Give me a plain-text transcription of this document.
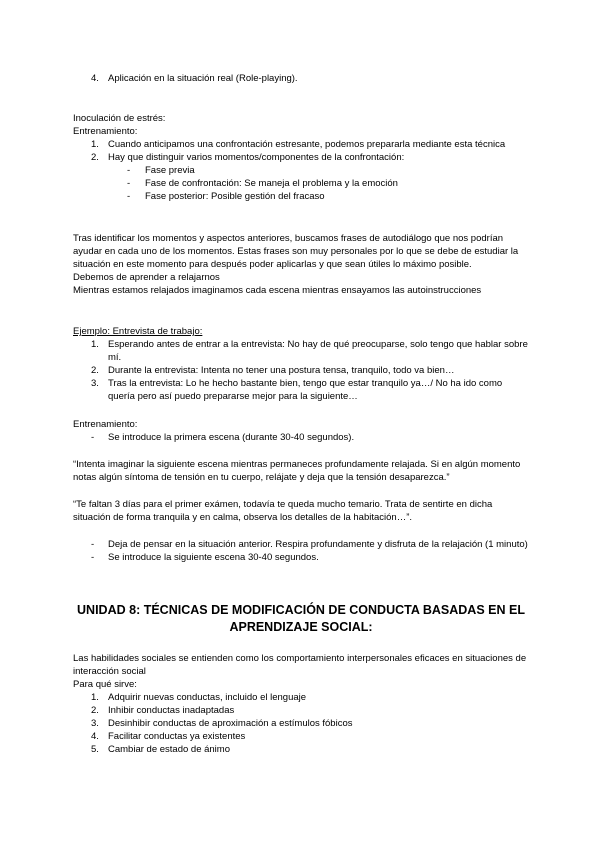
4. Aplicación en la situación real (Role-playing).

Inoculación de estrés:

Entrenamiento:

1. Cuando anticipamos una confrontación estresante, podemos prepararla mediante esta técnica
2. Hay que distinguir varios momentos/componentes de la confrontación:
- Fase previa
- Fase de confrontación: Se maneja el problema y la emoción
- Fase posterior: Posible gestión del fracaso

Tras identificar los momentos y aspectos anteriores, buscamos frases de autodiálogo que nos podrían ayudar en cada uno de los momentos. Estas frases son muy personales por lo que se debe de estudiar la situación en este momento para después poder aplicarlas y que sean útiles lo máximo posible.

Debemos de aprender a relajarnos

Mientras estamos relajados imaginamos cada escena mientras ensayamos las autoinstrucciones

Ejemplo: Entrevista de trabajo:

1. Esperando antes de entrar a la entrevista: No hay de qué preocuparse, solo tengo que hablar sobre mí.
2. Durante la entrevista: Intenta no tener una postura tensa, tranquilo, todo va bien…
3. Tras la entrevista: Lo he hecho bastante bien, tengo que estar tranquilo ya…/ No ha ido como quería pero así puedo prepararse mejor para la siguiente…

Entrenamiento:

- Se introduce la primera escena (durante 30-40 segundos).

“Intenta imaginar la siguiente escena mientras permaneces profundamente relajada. Si en algún momento notas algún síntoma de tensión en tu cuerpo, relájate y deja que la tensión desaparezca.”

“Te faltan 3 días para el primer exámen, todavía te queda mucho temario. Trata de sentirte en dicha situación de forma tranquila y en calma, observa los detalles de la habitación…”.

- Deja de pensar en la situación anterior. Respira profundamente y disfruta de la relajación (1 minuto)
- Se introduce la siguiente escena 30-40 segundos.
UNIDAD 8: TÉCNICAS DE MODIFICACIÓN DE CONDUCTA BASADAS EN EL APRENDIZAJE SOCIAL:

Las habilidades sociales se entienden como los comportamiento interpersonales eficaces en situaciones de interacción social

Para qué sirve:

1. Adquirir nuevas conductas, incluido el lenguaje
2. Inhibir conductas inadaptadas
3. Desinhibir conductas de aproximación a estímulos fóbicos
4. Facilitar conductas ya existentes
5. Cambiar de estado de ánimo
